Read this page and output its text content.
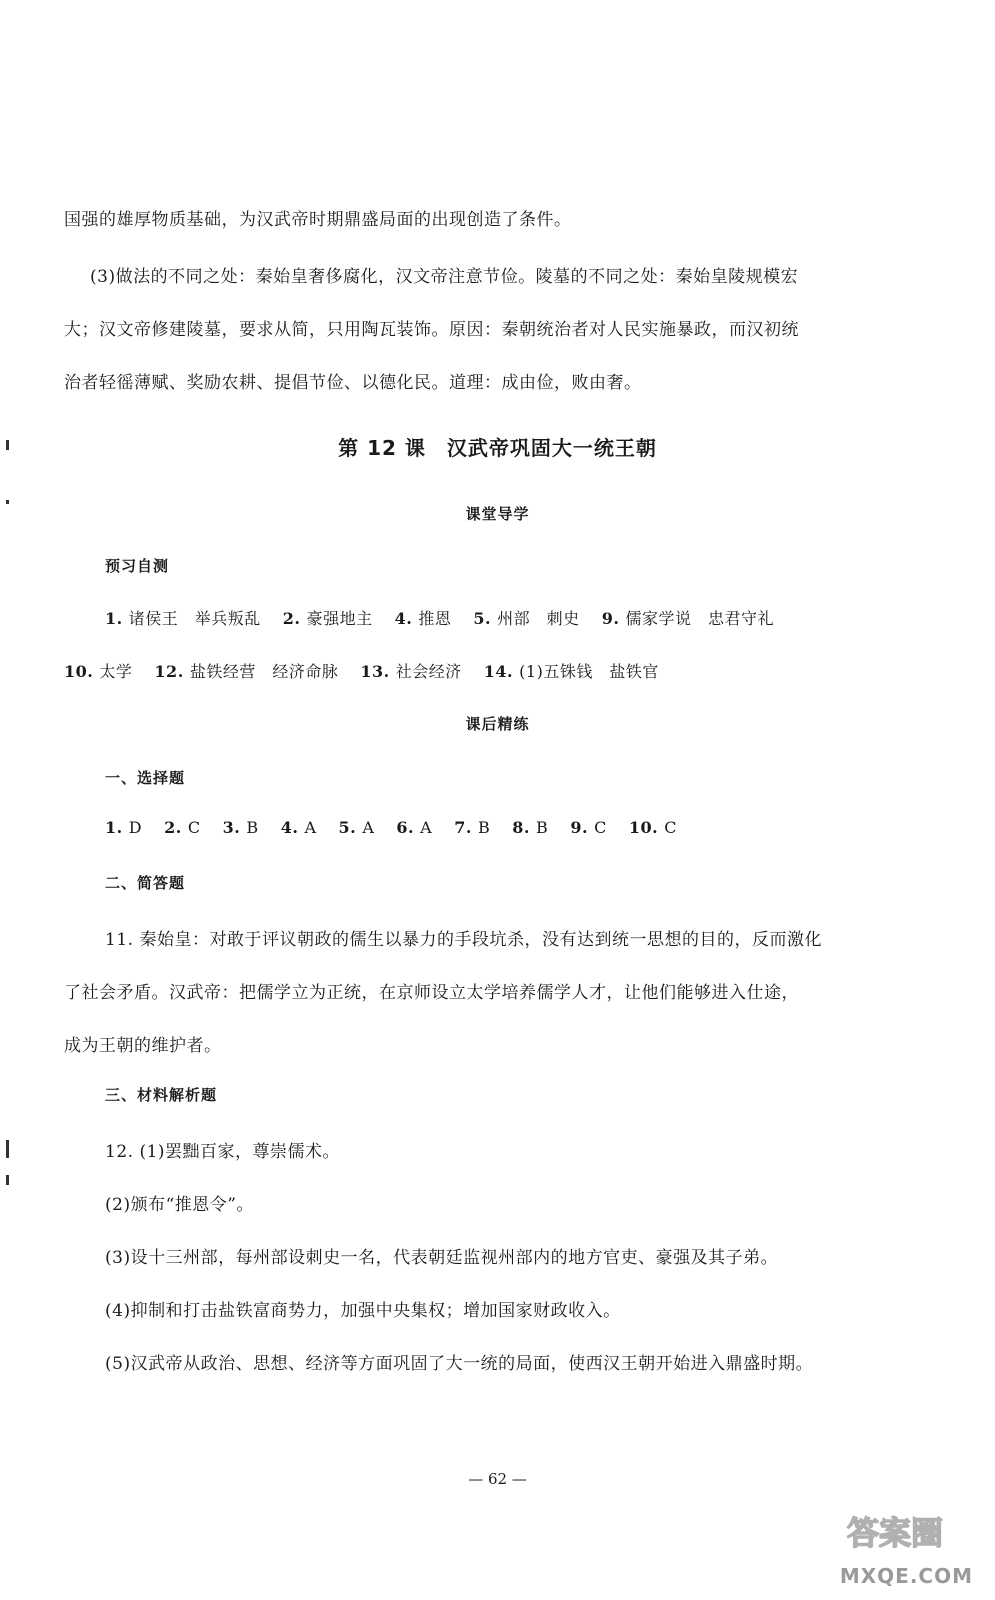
国强的雄厚物质基础，为汉武帝时期鼎盛局面的出现创造了条件。
(3)做法的不同之处：秦始皇奢侈腐化，汉文帝注意节俭。陵墓的不同之处：秦始皇陵规模宏
大；汉文帝修建陵墓，要求从简，只用陶瓦装饰。原因：秦朝统治者对人民实施暴政，而汉初统
治者轻徭薄赋、奖励农耕、提倡节俭、以德化民。道理：成由俭，败由奢。
第 12 课　汉武帝巩固大一统王朝
课堂导学
预习自测
1. 诸侯王　举兵叛乱 2. 豪强地主 4. 推恩 5. 州部　刺史 9. 儒家学说　忠君守礼
10. 太学 12. 盐铁经营　经济命脉 13. 社会经济 14. (1)五铢钱　盐铁官
课后精练
一、选择题
1. D 2. C 3. B 4. A 5. A 6. A 7. B 8. B 9. C 10. C
二、简答题
11. 秦始皇：对敢于评议朝政的儒生以暴力的手段坑杀，没有达到统一思想的目的，反而激化
了社会矛盾。汉武帝：把儒学立为正统，在京师设立太学培养儒学人才，让他们能够进入仕途，
成为王朝的维护者。
三、材料解析题
12. (1)罢黜百家，尊崇儒术。
(2)颁布“推恩令”。
(3)设十三州部，每州部设刺史一名，代表朝廷监视州部内的地方官吏、豪强及其子弟。
(4)抑制和打击盐铁富商势力，加强中央集权；增加国家财政收入。
(5)汉武帝从政治、思想、经济等方面巩固了大一统的局面，使西汉王朝开始进入鼎盛时期。
— 62 —
答案圈
MXQE.COM
